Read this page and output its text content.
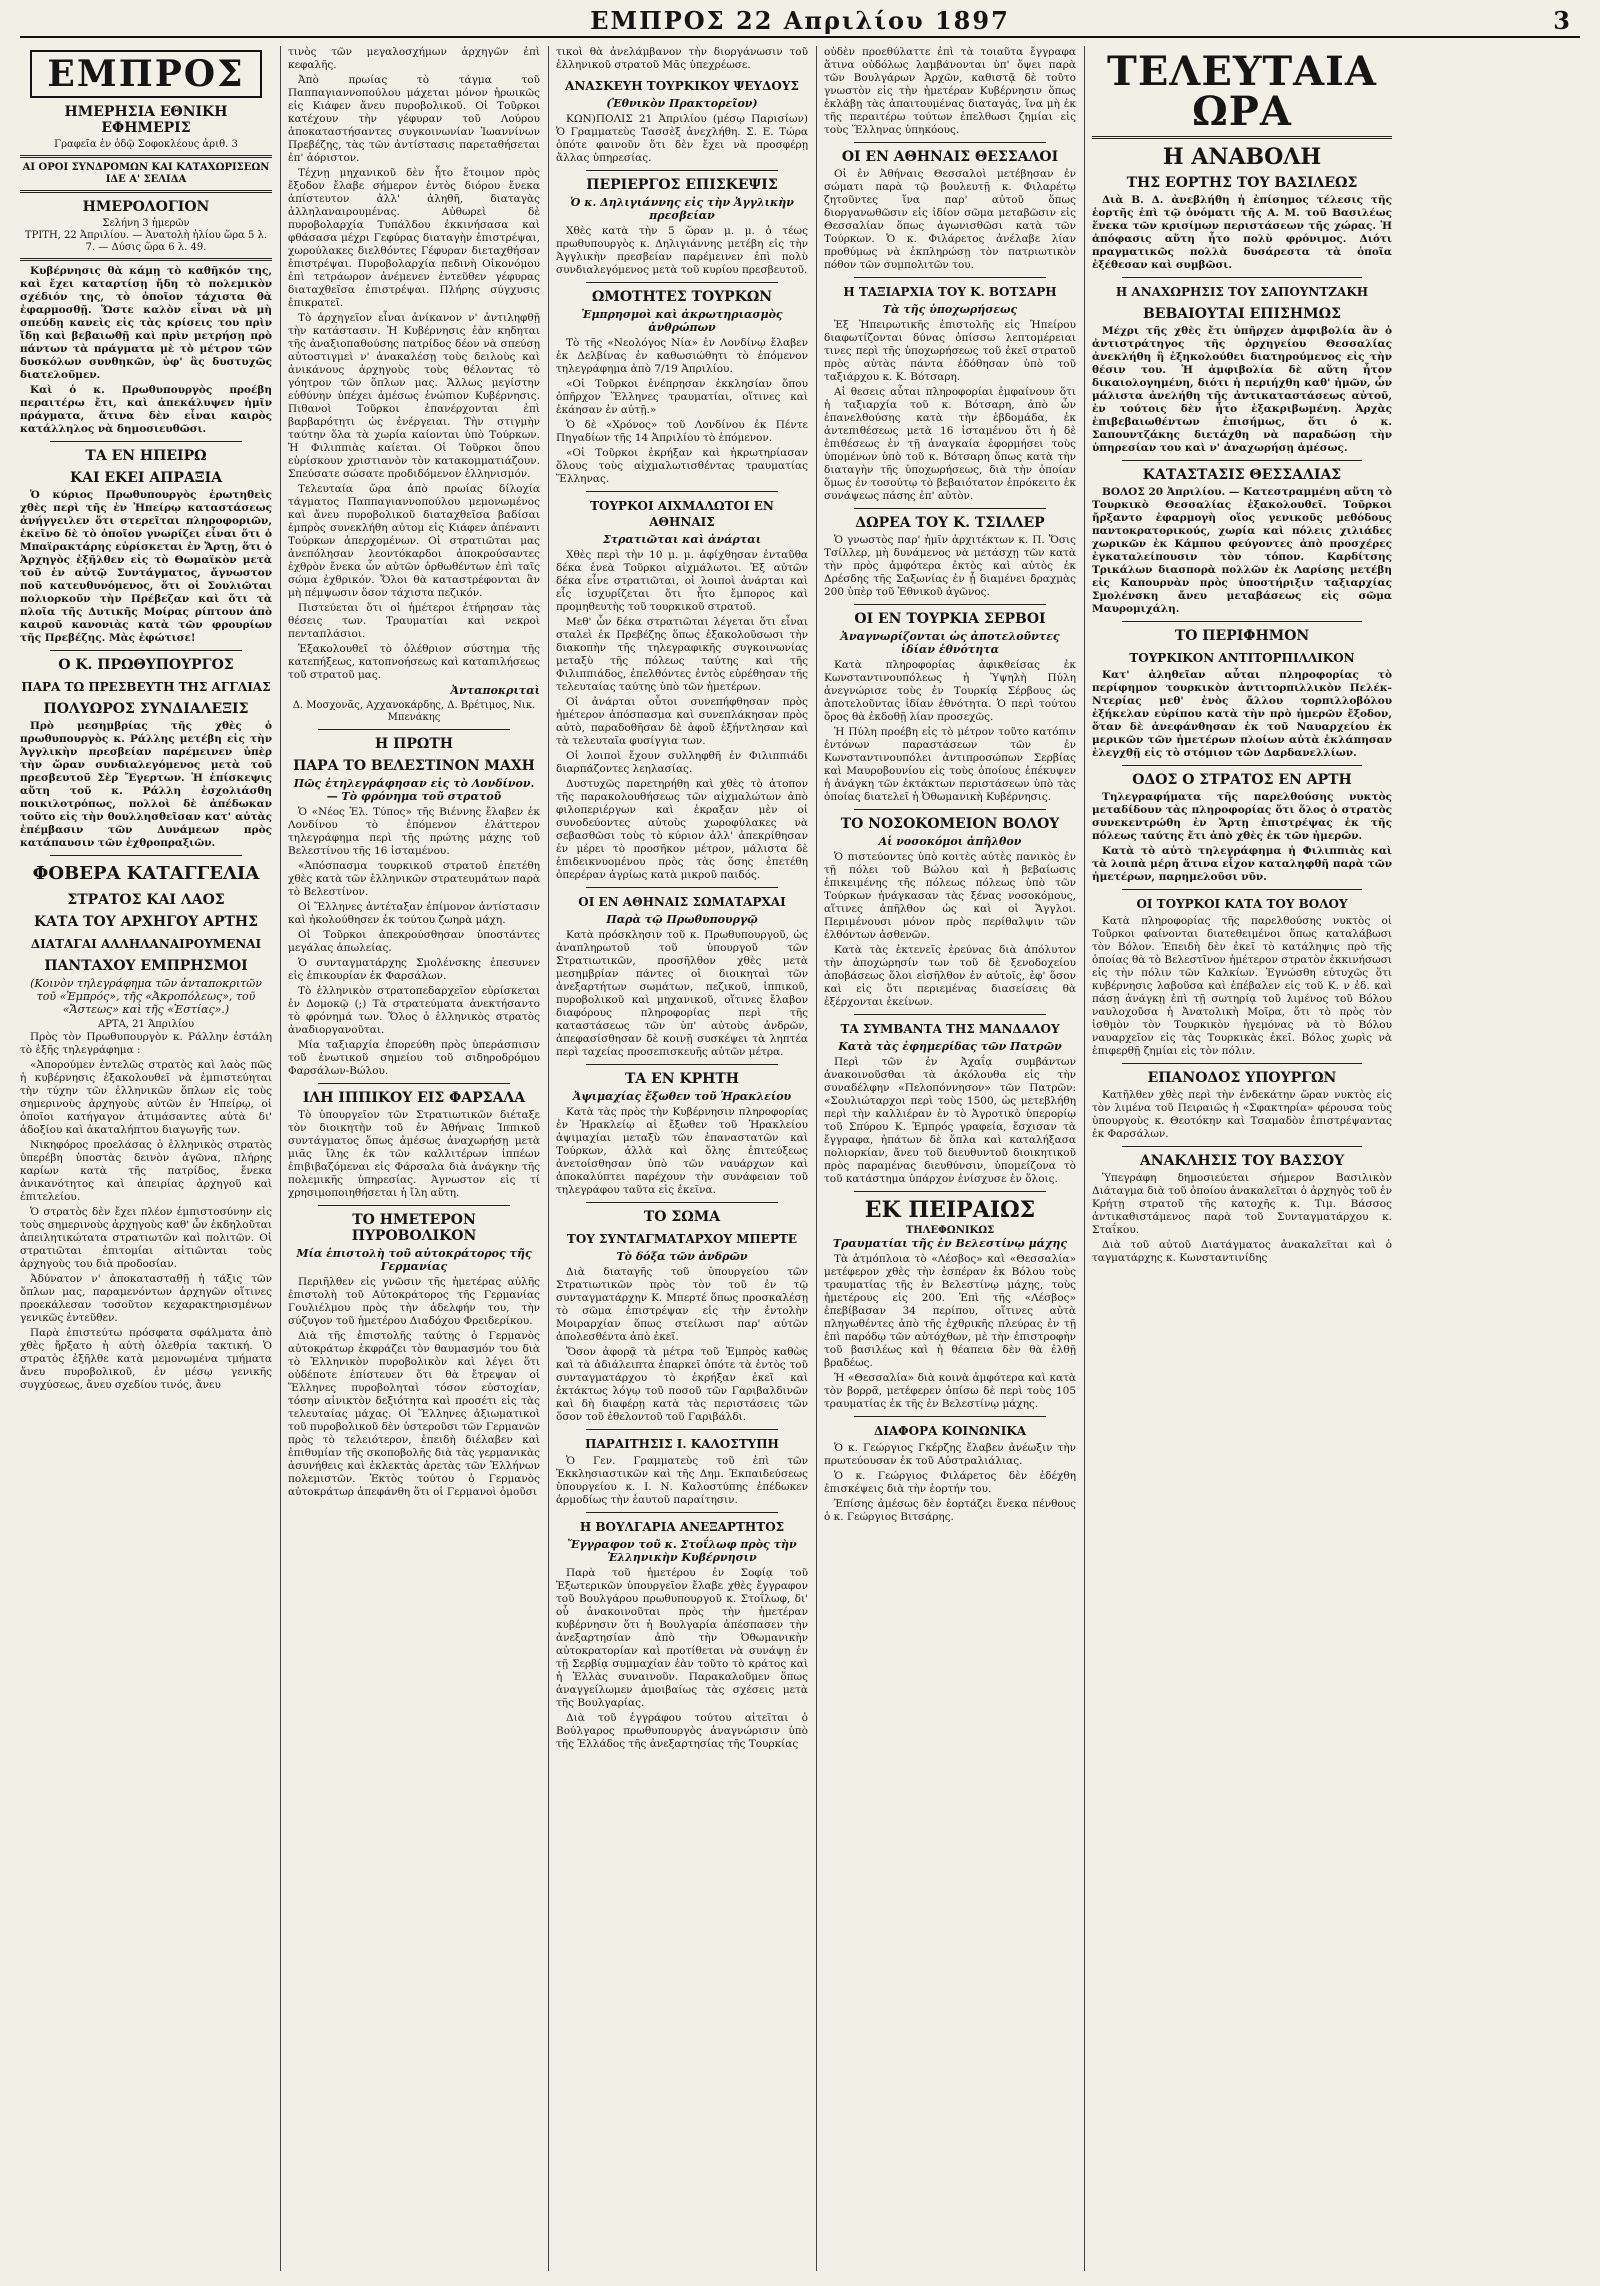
ΕΜΠΡΟΣ 22 Απριλίου 1897	3
ΕΜΠΡΟΣ
ΗΜΕΡΗΣΙΑ ΕΘΝΙΚΗ ΕΦΗΜΕΡΙΣ
Γραφεῖα ἐν ὁδῷ Σοφοκλέους ἀριθ. 3
ΑΙ ΟΡΟΙ ΣΥΝΔΡΟΜΩΝ ΚΑΙ ΚΑΤΑΧΩΡΙΣΕΩΝ ΙΔΕ Α' ΣΕΛΙΔΑ
ΗΜΕΡΟΛΟΓΙΟΝ
Σελήνη 3 ἡμερῶν
ΤΡΙΤΗ, 22 Ἀπριλίου. — Ἀνατολὴ ἡλίου ὥρα 5 λ. 7. — Δύσις ὥρα 6 λ. 49.

Κυβέρνησις θὰ κάμῃ τὸ καθῆκόν της, καὶ ἔχει καταρτίσῃ ἤδη τὸ πολεμικὸν σχέδιόν της, τὸ ὁποῖον τάχιστα θὰ ἐφαρμοσθῇ. Ὥστε καλὸν εἶναι νὰ μὴ σπεύδῃ κανεὶς εἰς τὰς κρίσεις του πρὶν ἴδῃ καὶ βεβαιωθῇ καὶ πρὶν μετρήσῃ πρὸ πάντων τὰ πράγματα μὲ τὸ μέτρον τῶν δυσκόλων συνθηκῶν, ὑφ' ἃς δυστυχῶς διατελοῦμεν.

Καὶ ὁ κ. Πρωθυπουργὸς προέβη περαιτέρω ἔτι, καὶ ἀπεκάλυψεν ἡμῖν πράγματα, ἅτινα δὲν εἶναι καιρὸς κατάλληλος νὰ δημοσιευθῶσι.

ΤΑ ΕΝ ΗΠΕΙΡΩ
ΚΑΙ ΕΚΕΙ ΑΠΡΑΞΙΑ

Ὁ κύριος Πρωθυπουργὸς ἐρωτηθεὶς χθὲς περὶ τῆς ἐν Ἠπείρῳ καταστάσεως ἀνήγγειλεν ὅτι στερεῖται πληροφοριῶν, ἐκεῖνο δὲ τὸ ὁποῖον γνωρίζει εἶναι ὅτι ὁ Μπαϊρακτάρης εὑρίσκεται ἐν Ἄρτῃ, ὅτι ὁ Ἀρχηγὸς ἐξῆλθεν εἰς τὸ Θωμαϊκὸν μετὰ τοῦ ἐν αὐτῷ Συντάγματος, ἄγνωστον ποῦ κατευθυνόμενος, ὅτι οἱ Σουλιῶται πολιορκοῦν τὴν Πρέβεζαν καὶ ὅτι τὰ πλοῖα τῆς Δυτικῆς Μοίρας ρίπτουν ἀπὸ καιροῦ κανονιὰς κατὰ τῶν φρουρίων τῆς Πρεβέζης. Μὰς ἐφώτισε!

Ο Κ. ΠΡΩΘΥΠΟΥΡΓΟΣ
ΠΑΡΑ ΤΩ ΠΡΕΣΒΕΥΤΗ ΤΗΣ ΑΓΓΛΙΑΣ
ΠΟΛΥΩΡΟΣ ΣΥΝΔΙΑΛΕΞΙΣ

Πρὸ μεσημβρίας τῆς χθὲς ὁ πρωθυπουργὸς κ. Ράλλης μετέβη εἰς τὴν Ἀγγλικὴν πρεσβείαν παρέμεινεν ὑπὲρ τὴν ὥραν συνδιαλεγόμενος μετὰ τοῦ πρεσβευτοῦ Σὲρ Ἔγερτων. Ἡ ἐπίσκεψις αὕτη τοῦ κ. Ράλλη ἐσχολιάσθη ποικιλοτρόπως, πολλοὶ δὲ ἀπέδωκαν τοῦτο εἰς τὴν θουλλησθεῖσαν κατ' αὐτὰς ἐπέμβασιν τῶν Δυνάμεων πρὸς κατάπαυσιν τῶν ἐχθροπραξιῶν.

ΦΟΒΕΡΑ ΚΑΤΑΓΓΕΛΙΑ
ΣΤΡΑΤΟΣ ΚΑΙ ΛΑΟΣ
ΚΑΤΑ ΤΟΥ ΑΡΧΗΓΟΥ ΑΡΤΗΣ
ΔΙΑΤΑΓΑΙ ΑΛΛΗΛΑΝΑΙΡΟΥΜΕΝΑΙ
ΠΑΝΤΑΧΟΥ ΕΜΠΡΗΣΜΟΙ
(Κοινὸν τηλεγράφημα τῶν ἀνταποκριτῶν τοῦ «Ἐμπρός», τῆς «Ἀκροπόλεως», τοῦ «Ἄστεως» καὶ τῆς «Ἑστίας».)
ΑΡΤΑ, 21 Ἀπριλίου

Πρὸς τὸν Πρωθυπουργὸν κ. Ράλλην ἐστάλη τὸ ἑξῆς τηλεγράφημα :

«Ἀπορούμεν ἐντελῶς στρατὸς καὶ λαὸς πῶς ἡ κυβέρνησις ἐξακολουθεῖ νὰ ἐμπιστεύηται τὴν τύχην τῶν ἑλληνικῶν ὅπλων εἰς τοὺς σημερινοὺς ἀρχηγοὺς αὐτῶν ἐν Ἠπείρῳ, οἱ ὁποῖοι κατήγαγον ἀτιμάσαντες αὐτὰ δι' ἀδοξίου καὶ ἀκαταλήπτου διαγωγῆς των.

Νικηφόρος προελάσας ὁ ἑλληνικὸς στρατὸς ὑπερέβη ὑποστὰς δεινὸν ἀγῶνα, πλήρης καρίων κατὰ τῆς πατρίδος, ἔνεκα ἀνικανότητος καὶ ἀπειρίας ἀρχηγοῦ καὶ ἐπιτελείου.

Ὁ στρατὸς δὲν ἔχει πλέον ἐμπιστοσύνην εἰς τοὺς σημερινοὺς ἀρχηγοὺς καθ' ὧν ἐκδηλοῦται ἀπειλητικώτατα στρατιωτῶν καὶ πολιτῶν. Οἱ στρατιῶται ἐπιτομίαι αἰτιῶνται τοὺς ἀρχηγοὺς του διὰ προδοσίαν.

Ἀδύνατον ν' ἀποκατασταθῇ ἡ τάξις τῶν ὅπλων μας, παραμενόντων ἀρχηγῶν οἵτινες προεκάλεσαν τοσοῦτον κεχαρακτηρισμένων γενικῶς ἐντεῦθεν.

Παρὰ ἐπιστεύτω πρόσφατα σφάλματα ἀπὸ χθὲς ἤρξατο ἡ αὐτὴ ὀλεθρία τακτική. Ὁ στρατὸς ἐξῆλθε κατὰ μεμονωμένα τμήματα ἄνευ πυροβολικοῦ, ἐν μέσῳ γενικῆς συγχύσεως, ἄνευ σχεδίου τινός, ἄνευ

τινὸς τῶν μεγαλοσχήμων ἀρχηγῶν ἐπὶ κεφαλῆς.

Ἀπὸ πρωίας τὸ τάγμα τοῦ Παππαγιαννοπούλου μάχεται μόνον ἡρωικῶς εἰς Κιάφεν ἄνευ πυροβολικοῦ. Οἱ Τοῦρκοι κατέχουν τὴν γέφυραν τοῦ Λούρου ἀποκαταστήσαντες συγκοινωνίαν Ἰωαννίνων Πρεβέζης, τὰς τῶν ἀντίστασις παρεταθήσεται ἐπ' ἀόριστον.

Τέχνῃ μηχανικοῦ δὲν ἦτο ἕτοιμον πρὸς ἔξοδον ἔλαβε σήμερον ἐντὸς διόρου ἔνεκα ἀπίστευτον ἀλλ' ἀληθῆ, διαταγὰς ἀλληλαναιρουμένας. Αὐθωρεὶ δὲ πυροβολαρχία Τυπάλδου ἐκκινήσασα καὶ φθάσασα μέχρι Γεφύρας διαταγὴν ἐπιστρέψαι, χωρούλακες διελθόντες Γέφυραν διεταχθήσαν ἐπιστρέψαι. Πυροβολαρχία πεδινὴ Οἰκονόμου ἐπὶ τετράωρον ἀνέμενεν ἐντεῦθεν γέφυρας διαταχθεῖσα ἐπιστρέψαι. Πλήρης σύγχυσις ἐπικρατεῖ.

Τὸ ἀρχηγεῖον εἶναι ἀνίκανον ν' ἀντιληφθῇ τὴν κατάστασιν. Ἡ Κυβέρνησις ἐὰν κηδηται τῆς ἀναξιοπαθούσης πατρίδος δέον νὰ σπεύσῃ αὐτοστιγμεὶ ν' ἀνακαλέσῃ τοὺς δειλοὺς καὶ ἀνικάνους ἀρχηγοὺς τοὺς θέλοντας τὸ γόητρον τῶν ὅπλων μας. Ἄλλως μεγίστην εὐθύνην ὑπέχει ἀμέσως ἐνώπιον Κυβέρνησις. Πιθανοὶ Τοῦρκοι ἐπανέρχονται ἐπὶ βαρβαρότητι ὡς ἐνέργειαι. Τὴν στιγμὴν ταύτην ὅλα τὰ χωρία καίονται ὑπὸ Τούρκων. Ἡ Φιλιππιὰς καίεται. Οἱ Τοῦρκοι ὅπου εὑρίσκουν χριστιανὸν τὸν κατακομματιάζουν. Σπεύσατε σώσατε προδιδόμενον ἑλληνισμόν.

Τελευταία ὥρα ἀπὸ πρωίας δίλοχία τάγματος Παππαγιαννοπούλου μεμονωμένος καὶ ἄνευ πυροβολικοῦ διαταχθεῖσα βαδίσαι ἐμπρὸς συνεκλήθη αὐτομ εἰς Κιάφεν ἀπέναντι Τούρκων ἀπερχομένων. Οἱ στρατιῶται μας ἀνεπόλησαν λεοντόκαρδοι ἀποκρούσαντες ἐχθρὸν ἔνεκα ὧν αὐτῶν ὀρθωθέντων ἐπὶ ταῖς σώμα ἐχθρικόν. Ὅλοι θὰ καταστρέφονται ἂν μὴ πέμψωσιν ὅσον τάχιστα πεζικόν.

Πιστεύεται ὅτι οἱ ἡμέτεροι ἐτήρησαν τὰς θέσεις των. Τραυματίαι καὶ νεκροὶ πενταπλάσιοι.

Ἐξακολουθεῖ τὸ ὀλέθριον σύστημα τῆς κατεπήξεως, κατοπνοήσεως καὶ καταπιλήσεως τοῦ στρατοῦ μας.

Ἀνταποκριταὶ
Δ. Μοσχονᾶς, Αχχανοκάρδης, Δ. Βρέτιμος, Νικ. Μπενάκης
Η ΠΡΩΤΗ
ΠΑΡΑ ΤΟ ΒΕΛΕΣΤΙΝΟΝ ΜΑΧΗ
Πῶς ἐτηλεγράφησαν εἰς τὸ Λονδίνον. — Τὸ φρόνημα τοῦ στρατοῦ

Ὁ «Νέος Ἑλ. Τύπος» τῆς Βιέννης ἔλαβεν ἐκ Λονδίνου τὸ ἑπόμενον ἐλάττερον τηλεγράφημα περὶ τῆς πρώτης μάχης τοῦ Βελεστίνου τῆς 16 ἰσταμένου.

«Ἀπόσπασμα τουρκικοῦ στρατοῦ ἐπετέθη χθὲς κατὰ τῶν ἑλληνικῶν στρατευμάτων παρὰ τὸ Βελεστίνον.

Οἱ Ἕλληνες ἀντέταξαν ἐπίμονον ἀντίστασιν καὶ ἠκολούθησεν ἐκ τούτου ζωηρὰ μάχη.

Οἱ Τοῦρκοι ἀπεκρούσθησαν ὑποστάντες μεγάλας ἀπωλείας.

Ὁ συνταγματάρχης Σμολένσκης ἐπεσυνεν εἰς ἐπικουρίαν ἐκ Φαρσάλων.

Τὸ ἑλληνικὸν στρατοπεδαρχεῖον εὑρίσκεται ἐν Δομοκῷ (;) Τὰ στρατεύματα ἀνεκτήσαντο τὸ φρόνημά των. Ὅλος ὁ ἑλληνικὸς στρατὸς ἀναδιοργανοῦται.

Μία ταξιαρχία ἐπορεύθη πρὸς ὑπεράσπισιν τοῦ ἐνωτικοῦ σημείου τοῦ σιδηροδρόμου Φαρσάλων-Βώλου.

ΙΛΗ ΙΠΠΙΚΟΥ ΕΙΣ ΦΑΡΣΑΛΑ

Τὸ ὑπουργεῖον τῶν Στρατιωτικῶν διέταξε τὸν διοικητὴν τοῦ ἐν Ἀθήναις Ἱππικοῦ συντάγματος ὅπως ἀμέσως ἀναχωρήσῃ μετὰ μιᾶς ἴλης ἐκ τῶν καλλιτέρων ἱππέων ἐπιβιβαζόμεναι εἰς Φάρσαλα διὰ ἀνάγκην τῆς πολεμικῆς ὑπηρεσίας. Ἀγνωστον εἰς τί χρησιμοποιηθήσεται ἡ ἴλη αὕτη.

ΤΟ ΗΜΕΤΕΡΟΝ ΠΥΡΟΒΟΛΙΚΟΝ
Μία ἐπιστολὴ τοῦ αὐτοκράτορος τῆς Γερμανίας

Περιῆλθεν εἰς γνῶσιν τῆς ἡμετέρας αὐλῆς ἐπιστολὴ τοῦ Αὐτοκράτορος τῆς Γερμανίας Γουλιέλμου πρὸς τὴν ἀδελφήν του, τὴν σύζυγον τοῦ ἡμετέρου Διαδόχου Φρειδερίκου.

Διὰ τῆς ἐπιστολῆς ταύτης ὁ Γερμανὸς αὐτοκράτωρ ἐκφράζει τὸν θαυμασμόν του διὰ τὸ Ἑλληνικὸν πυροβολικὸν καὶ λέγει ὅτι οὐδέποτε ἐπίστευεν ὅτι θὰ ἔτρεψαν οἱ Ἕλληνες πυροβοληταὶ τόσον εὐστοχίαν, τόσην αἰνικτὸν δεξιότητα καὶ προσέτι εἰς τὰς τελευταίας μάχας. Οἱ Ἕλληνες ἀξιωματικοὶ τοῦ πυροβολικοῦ δὲν ὑστεροῦσι τῶν Γερμανῶν πρὸς τὸ τελειότερον, ἐπειδὴ διέλαβεν καὶ ἐπιθυμίαν τῆς σκοποβολῆς διὰ τὰς γερμανικὰς ἀσυνήθεις καὶ ἐκλεκτὰς ἀρετὰς τῶν Ἑλλήνων πολεμιστῶν. Ἐκτὸς τούτου ὁ Γερμανὸς αὐτοκράτωρ ἀπεφάνθη ὅτι οἱ Γερμανοὶ ὁμοῦσι

τικοὶ θὰ ἀνελάμβανον τὴν διοργάνωσιν τοῦ ἑλληνικοῦ στρατοῦ Μᾶς ὑπεχρέωσε.

ΑΝΑΣΚΕΥΗ ΤΟΥΡΚΙΚΟΥ ΨΕΥΔΟΥΣ
(Ἐθνικὸν Πρακτορεῖον)

ΚΩΝ)ΠΟΛΙΣ 21 Ἀπριλίου (μέσῳ Παρισίων) Ὁ Γραμματεὺς Τασσὲξ ἀνεχλήθη. Σ. Ε. Τώρα ὁπότε φαινοῦν ὅτι δὲν ἔχει νὰ προσφέρῃ ἄλλας ὑπηρεσίας.

ΠΕΡΙΕΡΓΟΣ ΕΠΙΣΚΕΨΙΣ
Ὁ κ. Δηλιγιάννης εἰς τὴν Ἀγγλικὴν πρεσβείαν

Χθὲς κατὰ τὴν 5 ὥραν μ. μ. ὁ τέως πρωθυπουργὸς κ. Δηλιγιάννης μετέβη εἰς τὴν Ἀγγλικὴν πρεσβείαν παρέμεινεν ἐπὶ πολὺ συνδιαλεγόμενος μετὰ τοῦ κυρίου πρεσβευτοῦ.

ΩΜΟΤΗΤΕΣ ΤΟΥΡΚΩΝ
Ἐμπρησμοὶ καὶ ἀκρωτηριασμὸς ἀνθρώπων

Τὸ τῆς «Νεολόγος Νία» ἐν Λονδίνῳ ἔλαβεν ἐκ Δελβίνας ἐν καθωσιώθητι τὸ ἑπόμενον τηλεγράφημα ἀπὸ 7/19 Ἀπριλίου.

«Οἱ Τοῦρκοι ἐνέπρησαν ἐκκλησίαν ὅπου ὀπῆρχον Ἕλληνες τραυματίαι, οἵτινες καὶ ἐκάησαν ἐν αὐτῇ.»

Ὁ δὲ «Χρόνος» τοῦ Λονδίνου ἐκ Πέντε Πηγαδίων τῆς 14 Ἀπριλίου τὸ ἑπόμενον.

«Οἱ Τοῦρκοι ἐκρήξαν καὶ ἠκρωτηρίασαν ὅλους τοὺς αἰχμαλωτισθέντας τραυματίας Ἕλληνας.

ΤΟΥΡΚΟΙ ΑΙΧΜΑΛΩΤΟΙ ΕΝ ΑΘΗΝΑΙΣ
Στρατιῶται καὶ ἀνάρται

Χθὲς περὶ τὴν 10 μ. μ. ἀφίχθησαν ἐνταῦθα δέκα ἑνεὰ Τοῦρκοι αἰχμάλωτοι. Ἐξ αὐτῶν δέκα εἶνε στρατιῶται, οἱ λοιποὶ ἀνάρται καὶ εἷς ἰσχυρίζεται ὅτι ἦτο ἔμπορος καὶ προμηθευτὴς τοῦ τουρκικοῦ στρατοῦ.

Μεθ' ὧν δέκα στρατιῶται λέγεται ὅτι εἶναι σταλεὶ ἐκ Πρεβέζης ὅπως ἐξακολοῦσωσι τὴν διακοπὴν τῆς τηλεγραφικῆς συγκοινωνίας μεταξὺ τῆς πόλεως ταύτης καὶ τῆς Φιλιππιάδος, ἐπελθόντες ἐντὸς εὑρέθησαν τῆς τελευταίας ταύτης ὑπὸ τῶν ἡμετέρων.

Οἱ ἀνάρται οὗτοι συνεπήφθησαν πρὸς ἡμέτερον ἀπόσπασμα καὶ συνεπλάκησαν πρὸς αὐτὸ, παραδοθῆσαν δὲ ἀφοῦ ἐξήντλησαν καὶ τὰ τελευταῖα φυσίγγια των.

Οἱ λοιποὶ ἔχουν συλληφθῆ ἐν Φιλιππιάδι διαρπάζοντες λεηλασίας.

Δυστυχῶς παρετηρήθη καὶ χθὲς τὸ ἀτοπον τῆς παρακολουθήσεως τῶν αἰχμαλώτων ἀπὸ φιλοπεριέργων καὶ ἐκραξαν μὲν οἱ συνοδεύοντες αὐτοὺς χωροφύλακες νὰ σεβασθῶσι τοὺς τὸ κύριον ἀλλ' ἀπεκρίθησαν ἐν μέρει τὸ προσῆκον μέτρον, μάλιστα δὲ ἐπιδεικνυομένου πρὸς τὰς ὅσης ἐπετέθη ὁπερέραν ἀγρίως κατὰ μικροῦ παιδός.

ΟΙ ΕΝ ΑΘΗΝΑΙΣ ΣΩΜΑΤΑΡΧΑΙ
Παρὰ τῷ Πρωθυπουργῷ

Κατὰ πρόσκλησιν τοῦ κ. Πρωθυπουργοῦ, ὡς ἀναπληρωτοῦ τοῦ ὑπουργοῦ τῶν Στρατιωτικῶν, προσῆλθον χθὲς μετὰ μεσημβρίαν πάντες οἱ διοικηταὶ τῶν ἀνεξαρτήτων σωμάτων, πεζικοῦ, ἱππικοῦ, πυροβολικοῦ καὶ μηχανικοῦ, οἵτινες ἔλαβον διαφόρους πληροφορίας περὶ τῆς καταστάσεως τῶν ὑπ' αὐτοὺς ἀνδρῶν, ἀπεφασίσθησαν δὲ κοινῇ συσκέψει τὰ ληπτέα περὶ ταχείας προσεπισκευῆς αὐτῶν μέτρα.

ΤΑ ΕΝ ΚΡΗΤΗ
Ἀψιμαχίας ἔξωθεν τοῦ Ἡρακλείου

Κατὰ τὰς πρὸς τὴν Κυβέρνησιν πληροφορίας ἐν Ἡρακλείῳ αἱ ἔξωθεν τοῦ Ἡρακλείου ἀψιμαχίαι μεταξὺ τῶν ἐπαναστατῶν καὶ Τούρκων, ἀλλὰ καὶ ὅλης ἐπιτεύξεως ἀνετοίσθησαν ὑπὸ τῶν ναυάρχων καὶ ἀποκαλύπτει παρέχουν τὴν συνάφειαν τοῦ τηλεγράφου ταῦτα εἰς ἐκεῖνα.

ΤΟ ΣΩΜΑ
ΤΟΥ ΣΥΝΤΑΓΜΑΤΑΡΧΟΥ ΜΠΕΡΤΕ
Τὸ δόξα τῶν ἀνδρῶν

Διὰ διαταγῆς τοῦ ὑπουργείου τῶν Στρατιωτικῶν πρὸς τὸν τοῦ ἐν τῷ συνταγματάρχην Κ. Μπερτέ ὅπως προσκαλέσῃ τὸ σῶμα ἐπιστρέψαν εἰς τὴν ἐντολὴν Μοιραρχίαν ὅπως στείλωσι παρ' αὐτῶν ἀπολεσθέντα ἀπὸ ἐκεῖ.

Ὅσον ἀφορᾷ τὰ μέτρα τοῦ Ἐμπρὸς καθὼς καὶ τὰ ἀδιάλειπτα ἐπαρκεῖ ὁπότε τὰ ἐντὸς τοῦ συνταγματάρχου τὸ ἐκρήξαν ἐκεῖ καὶ ἐκτάκτως λόγῳ τοῦ ποσοῦ τῶν Γαριβαλδινῶν καὶ δὴ διαφέρῃ κατὰ τὰς περιστάσεις τῶν ὅσον τοῦ ἐθελοντοῦ τοῦ Γαριβάλδι.

ΠΑΡΑΙΤΗΣΙΣ Ι. ΚΑΛΟΣΤΥΠΗ

Ὁ Γεν. Γραμματεὺς τοῦ ἐπὶ τῶν Ἐκκλησιαστικῶν καὶ τῆς Δημ. Ἐκπαιδεύσεως ὑπουργείου κ. Ι. Ν. Καλοστύπης ἐπέδωκεν ἁρμοδίως τὴν ἑαυτοῦ παραίτησιν.

Η ΒΟΥΛΓΑΡΙΑ ΑΝΕΞΑΡΤΗΤΟΣ
Ἔγγραφον τοῦ κ. Στοΐλωφ πρὸς τὴν Ἑλληνικὴν Κυβέρνησιν

Παρὰ τοῦ ἡμετέρου ἐν Σοφίᾳ τοῦ Ἐξωτερικῶν ὑπουργεῖον ἔλαβε χθὲς ἔγγραφον τοῦ Βουλγάρου πρωθυπουργοῦ κ. Στοΐλωφ, δι' οὗ ἀνακοινοῦται πρὸς τὴν ἡμετέραν κυβέρνησιν ὅτι ἡ Βουλγαρία ἀπέσπασεν τὴν ἀνεξαρτησίαν ἀπὸ τὴν Ὀθωμανικὴν αὐτοκρατορίαν καὶ προτίθεται νὰ συνάψῃ ἐν τῇ Σερβίᾳ συμμαχίαν ἐὰν τοῦτο τὸ κράτος καὶ ἡ Ἑλλὰς συναινοῦν. Παρακαλοῦμεν ὅπως ἀναγγείλωμεν ἀμοιβαίως τὰς σχέσεις μετὰ τῆς Βουλγαρίας.

Διὰ τοῦ ἐγγράφου τούτου αἰτεῖται ὁ Βούλγαρος πρωθυπουργὸς ἀναγνώρισιν ὑπὸ τῆς Ἑλλάδος τῆς ἀνεξαρτησίας τῆς Τουρκίας

οὐδὲν προεθύλαττε ἐπὶ τὰ τοιαῦτα ἔγγραφα ἅτινα οὐδόλως λαμβάνονται ὑπ' ὄψει παρὰ τῶν Βουλγάρων Ἀρχῶν, καθιστᾷ δὲ τοῦτο γνωστὸν εἰς τὴν ἡμετέραν Κυβέρνησιν ὅπως ἐκλάβῃ τὰς ἀπαιτουμένας διαταγάς, ἵνα μὴ ἐκ τῆς περαιτέρω τούτων ἐπελθωσι ζημίαι εἰς τοὺς Ἕλληνας ὑπηκόους.

ΟΙ ΕΝ ΑΘΗΝΑΙΣ ΘΕΣΣΑΛΟΙ

Οἱ ἐν Ἀθήναις Θεσσαλοὶ μετέβησαν ἐν σώματι παρὰ τῷ βουλευτῇ κ. Φιλαρέτῳ ζητοῦντες ἵνα παρ' αὐτοῦ ὅπως διοργανωθῶσιν εἰς ἰδίον σῶμα μεταβῶσιν εἰς Θεσσαλίαν ὅπως ἀγωνισθῶσι κατὰ τῶν Τούρκων. Ὁ κ. Φιλάρετος ἀνέλαβε λίαν προθύμως νὰ ἐκπληρώσῃ τὸν πατριωτικὸν πόθον τῶν συμπολιτῶν του.

Η ΤΑΞΙΑΡΧΙΑ ΤΟΥ Κ. ΒΟΤΣΑΡΗ
Τὰ τῆς ὑποχωρήσεως

Ἐξ Ἠπειρωτικῆς ἐπιστολῆς εἰς Ἠπείρου διαφωτίζονται δύνας ὀπίσσω λεπτομέρειαι τινες περὶ τῆς ὑποχωρήσεως τοῦ ἐκεῖ στρατοῦ πρὸς αὐτὰς πάντα ἐδόθησαν ὑπὸ τοῦ ταξιάρχου κ. Κ. Βότσαρη.

Αἱ θεσεις αὗται πληροφορίαι ἐμφαίνουν ὅτι ἡ ταξιαρχία τοῦ κ. Βότσαρη, ἀπὸ ὧν ἐπανελθούσης κατὰ τὴν ἑβδομάδα, ἐκ ἀντεπιθέσεως μετὰ 16 ἰσταμένου ὅτι ἡ δὲ ἐπιθέσεως ἐν τῇ ἀναγκαία ἐφορμήσει τοὺς ὑπομένων ὑπὸ τοῦ κ. Βότσαρη ὅπως κατὰ τὴν διαταγὴν τῆς ὑποχωρήσεως, διὰ τὴν ὁποίαν ὅμως ἐν τοσούτῳ τὸ βεβαιότατον ἐπρόκειτο ἐκ συνάψεως πάσης ἐπ' αὐτὸν.

ΔΩΡΕΑ ΤΟΥ Κ. ΤΣΙΛΛΕΡ

Ὁ γνωστὸς παρ' ἡμῖν ἀρχιτέκτων κ. Π. Ὅσις Τσίλλερ, μὴ δυνάμενος νὰ μετάσχῃ τῶν κατὰ τὴν πρὸς ἀμφότερα ἐκτὸς καὶ αὐτὸς ἐκ Δρέσδης τῆς Σαξωνίας ἐν ᾗ διαμένει δραχμὰς 200 ὑπὲρ τοῦ Ἐθνικοῦ ἀγῶνος.

ΟΙ ΕΝ ΤΟΥΡΚΙΑ ΣΕΡΒΟΙ
Ἀναγνωρίζονται ὡς ἀποτελοῦντες ἰδίαν ἐθνότητα

Κατὰ πληροφορίας ἀφικθείσας ἐκ Κωνσταντινουπόλεως ἡ Ὑψηλὴ Πύλη ἀνεγνώρισε τοὺς ἐν Τουρκίᾳ Σέρβους ὡς ἀποτελοῦντας ἰδίαν ἐθνότητα. Ὁ περὶ τούτου ὅρος θὰ ἐκδοθῇ λίαν προσεχῶς.

Ἡ Πύλη προέβη εἰς τὸ μέτρον τοῦτο κατόπιν ἐντόνων παραστάσεων τῶν ἐν Κωνσταντινουπόλει ἀντιπροσώπων Σερβίας καὶ Μαυροβουνίου εἰς τοὺς ὁποίους ἐπέκυψεν ἡ ἀνάγκη τῶν ἐκτάκτων περιστάσεων ὑπὸ τὰς ὁποίας διατελεῖ ἡ Ὀθωμανικὴ Κυβέρνησις.

ΤΟ ΝΟΣΟΚΟΜΕΙΟΝ ΒΟΛΟΥ
Αἱ νοσοκόμοι ἀπῆλθον

Ὁ πιστεύοντες ὑπὸ κοιτὲς αὐτὲς πανικὸς ἐν τῇ πόλει τοῦ Βώλου καὶ ἡ βεβαίωσις ἐπικειμένης τῆς πόλεως πόλεως ὑπὸ τῶν Τούρκων ἠνάγκασαν τὰς ξένας νοσοκόμους, αἵτινες ἀπῆλθον ὡς καὶ οἱ Ἄγγλοι. Περιμένουσι μόνον πρὸς περίθαλψιν τῶν ἐλθόντων ἀσθενῶν.

Κατὰ τὰς ἐκτενεῖς ἐρεύνας διὰ ἀπόλυτον τὴν ἀποχώρησίν των τοῦ δὲ ξενοδοχείου ἀποβάσεως ὅλοι εἰσῆλθον ἐν αὐτοῖς, ἐφ' ὅσον καὶ εἰς ὅτι περιεμένας διασείσεις θὰ ἐξέρχονται ἐκείνων.

ΤΑ ΣΥΜΒΑΝΤΑ ΤΗΣ ΜΑΝΔΑΛΟΥ
Κατὰ τὰς ἐφημερίδας τῶν Πατρῶν

Περὶ τῶν ἐν Ἀχαΐᾳ συμβάντων ἀνακοινοῦσθαι τὰ ἀκόλουθα εἰς τὴν συναδέλφην «Πελοπόννησον» τῶν Πατρῶν: «Σουλιώταρχοι περὶ τοὺς 1500, ὡς μετεβλήθη περὶ τὴν καλλιέραν ἐν τὸ Ἀγροτικὸ ὑπερορίῳ τοῦ Σπύρου Κ. Ἐμπρός γραφεία, ἔσχισαν τὰ ἔγγραφα, ἠπάτων δὲ ὅπλα καὶ καταλήξασα πολιορκίαν, ἄνευ τοῦ διευθυντοῦ διοικητικοῦ πρὸς παραμένας διευθύνσιν, ὑπομείζονα τὸ τοῦ κατάστημα ὑπάρχον ἐνίσχυσε ἐν ὅλοις.

ΕΚ ΠΕΙΡΑΙΩΣ
ΤΗΛΕΦΩΝΙΚΩΣ
Τραυματίαι τῆς ἐν Βελεστίνῳ μάχης

Τὰ ἀτμόπλοια τὸ «Λέσβος» καὶ «Θεσσαλία» μετέφερον χθὲς τὴν ἑσπέραν ἐκ Βόλου τοὺς τραυματίας τῆς ἐν Βελεστίνῳ μάχης, τοὺς ἡμετέρους εἰς 200. Ἐπὶ τῆς «Λέσβος» ἐπεβίβασαν 34 περίπου, οἵτινες αὐτὰ πληγωθέντες ἀπὸ τῆς ἐχθρικῆς πλεύρας ἐν τῇ ἐπὶ παρόδῳ τῶν αὐτόχθων, μὲ τὴν ἐπιστροφὴν τοῦ βασιλέως καὶ ἡ θέαπεια δὲν θὰ ἐλθῇ βραδέως.

Ἡ «Θεσσαλία» διὰ κοινὰ ἀμφότερα καὶ κατὰ τὸν βορρᾶ, μετέφερεν ὀπίσω δὲ περὶ τοὺς 105 τραυματίας ἐκ τῆς ἐν Βελεστίνῳ μάχης.

ΔΙΑΦΟΡΑ ΚΟΙΝΩΝΙΚΑ

Ὁ κ. Γεώργιος Γκέρζης ἔλαβεν ἀνέωξιν τὴν πρωτεύουσαν ἐκ τοῦ Αὐστραλιάλιας.

Ὁ κ. Γεώργιος Φιλάρετος δὲν ἐδέχθη ἐπισκέψεις διὰ τὴν ἑορτήν του.

Ἐπίσης ἀμέσως δὲν ἐορτάζει ἕνεκα πένθους ὁ κ. Γεώργιος Βιτσάρης.

ΤΕΛΕΥΤΑΙΑ ΩΡΑ
Η ΑΝΑΒΟΛΗ
ΤΗΣ ΕΟΡΤΗΣ ΤΟΥ ΒΑΣΙΛΕΩΣ

Διὰ Β. Δ. ἀνεβλήθη ἡ ἐπίσημος τέλεσις τῆς ἑορτῆς ἐπὶ τῷ ὀνόματι τῆς Α. Μ. τοῦ Βασιλέως ἕνεκα τῶν κρισίμων περιστάσεων τῆς χώρας. Ἡ ἀπόφασις αὕτη ἦτο πολὺ φρόνιμος. Διότι πραγματικῶς πολλὰ δυσάρεστα τὰ ὁποῖα ἐξέθεσαν καὶ συμβῶσι.

Η ΑΝΑΧΩΡΗΣΙΣ ΤΟΥ ΣΑΠΟΥΝΤΖΑΚΗ
ΒΕΒΑΙΟΥΤΑΙ ΕΠΙΣΗΜΩΣ

Μέχρι τῆς χθὲς ἔτι ὑπῆρχεν ἀμφιβολία ἂν ὁ ἀντιστράτηγος τῆς ὀρχηγείου Θεσσαλίας ἀνεκλήθη ἢ ἐξηκολούθει διατηρούμενος εἰς τὴν θέσιν του. Ἡ ἀμφιβολία δὲ αὕτη ἦτον δικαιολογημένη, διότι ἡ περιήχθη καθ' ἡμῶν, ὧν μάλιστα ἀνελήθη τῆς ἀντικαταστάσεως αὐτοῦ, ἐν τούτοις δὲν ἦτο ἐξακριβωμένη. Ἀρχὰς ἐπιβεβαιωθέντων ἐπισήμως, ὅτι ὁ κ. Σαπουντζάκης διετάχθη νὰ παραδώσῃ τὴν ὑπηρεσίαν του καὶ ν' ἀναχωρήσῃ ἀμέσως.

ΚΑΤΑΣΤΑΣΙΣ ΘΕΣΣΑΛΙΑΣ

ΒΟΛΟΣ 20 Ἀπριλίου. — Κατεστραμμένη αὕτη τὸ Τουρκικὸ Θεσσαλίας ἐξακολουθεῖ. Τοῦρκοι ἤρξαντο ἐφαρμογὴ οἵος γενικοῦς μεθόδους παντοκρατορικούς, χωρία καὶ πόλεις χιλιάδες χωρικῶν ἐκ Κάμπου φεύγοντες ἀπὸ προσχέρες ἐγκαταλείπουσιν τὸν τόπον. Καρδίτσης Τρικάλων διασπορὰ πολλῶν ἐκ Λαρίσης μετέβη εἰς Καπουρνὰν πρὸς ὑποστήριξιν ταξιαρχίας Σμολένσκη ἄνευ μεταβάσεως εἰς σῶμα Μαυρομιχάλη.

ΤΟ ΠΕΡΙΦΗΜΟΝ
ΤΟΥΡΚΙΚΟΝ ΑΝΤΙΤΟΡΠΙΛΛΙΚΟΝ

Κατ' ἀληθεῖαν αὗται πληροφορίας τὸ περίφημον τουρκικὸν ἀντιτορπιλλικὸν Πελέκ-Ντερίας μεθ' ἐνὸς ἄλλου τορπιλλοβόλου ἐξήκελαν εὐρίπου κατὰ τὴν πρὸ ἡμερῶν ἔξοδον, ὅταν δὲ ἀνεφάνθησαν ἐκ τοῦ Ναυαρχείου ἐκ μερικῶν τῶν ἡμετέρων πλοίων αὐτὰ ἐκλάπησαν ἐλεγχθῇ εἰς τὸ στόμιον τῶν Δαρδανελλίων.

ΟΔΟΣ Ο ΣΤΡΑΤΟΣ ΕΝ ΑΡΤΗ

Τηλεγραφήματα τῆς παρελθούσης νυκτὸς μεταδίδουν τὰς πληροφορίας ὅτι ὅλος ὁ στρατὸς συνεκεντρώθη ἐν Ἄρτῃ ἐπιστρέψας ἐκ τῆς πόλεως ταύτης ἔτι ἀπὸ χθὲς ἐκ τῶν ἡμερῶν.

Κατὰ τὸ αὐτὸ τηλεγράφημα ἡ Φιλιππιὰς καὶ τὰ λοιπὰ μέρη ἅτινα εἶχον καταληφθῆ παρὰ τῶν ἡμετέρων, παρημελοῦσι νῦν.

ΟΙ ΤΟΥΡΚΟΙ ΚΑΤΑ ΤΟΥ ΒΟΛΟΥ

Κατὰ πληροφορίας τῆς παρελθούσης νυκτὸς οἱ Τοῦρκοι φαίνονται διατεθειμένοι ὅπως καταλάβωσι τὸν Βόλον. Ἐπειδὴ δὲν ἐκεῖ τὸ κατάληψις πρὸ τῆς ὁποίας θὰ τὸ Βελεστῖνον ἡμέτερον στρατὸν ἐκκινήσωσι εἰς τὴν πόλιν τῶν Καλκίων. Ἐγνώσθη εὐτυχῶς ὅτι κυβέρνησις λαβοῦσα καὶ ἐπέβαλεν εἰς τοῦ Κ. ν ἐδ. καὶ πάσῃ ἀνάγκῃ ἐπὶ τῇ σωτηρίᾳ τοῦ λιμένος τοῦ Βόλου ναυλοχοῦσα ἡ Ἀνατολικὴ Μοῖρα, ὅτι τὸ πρὸς τὸν ἰσθμὸν τὸν Τουρκικὸν ἡγεμόνας νὰ τὸ Βόλου ναυαρχεῖον εἰς τὰς Τουρκικὰς ἐκεῖ. Βόλος χωρὶς νὰ ἐπιφερθῇ ζημίαι εἰς τὸν πόλιν.

ΕΠΑΝΟΔΟΣ ΥΠΟΥΡΓΩΝ

Κατῆλθεν χθὲς περὶ τὴν ἐνδεκάτην ὥραν νυκτὸς εἰς τὸν λιμένα τοῦ Πειραιῶς ἡ «Σφακτηρία» φέρουσα τοὺς ὑπουργοὺς κ. Θεοτόκην καὶ Τσαμαδὸν ἐπιστρέψαντας ἐκ Φαρσάλων.

ΑΝΑΚΛΗΣΙΣ ΤΟΥ ΒΑΣΣΟΥ

Ὑπεγράφη δημοσιεύεται σήμερον Βασιλικὸν Διάταγμα διὰ τοῦ ὁποίου ἀνακαλεῖται ὁ ἀρχηγὸς τοῦ ἐν Κρήτῃ στρατοῦ τῆς κατοχῆς κ. Τιμ. Βάσσος ἀντικαθιστάμενος παρὰ τοῦ Συνταγματάρχου κ. Σταΐκου.

Διὰ τοῦ αὐτοῦ Διατάγματος ἀνακαλεῖται καὶ ὁ ταγματάρχης κ. Κωνσταντινίδης
